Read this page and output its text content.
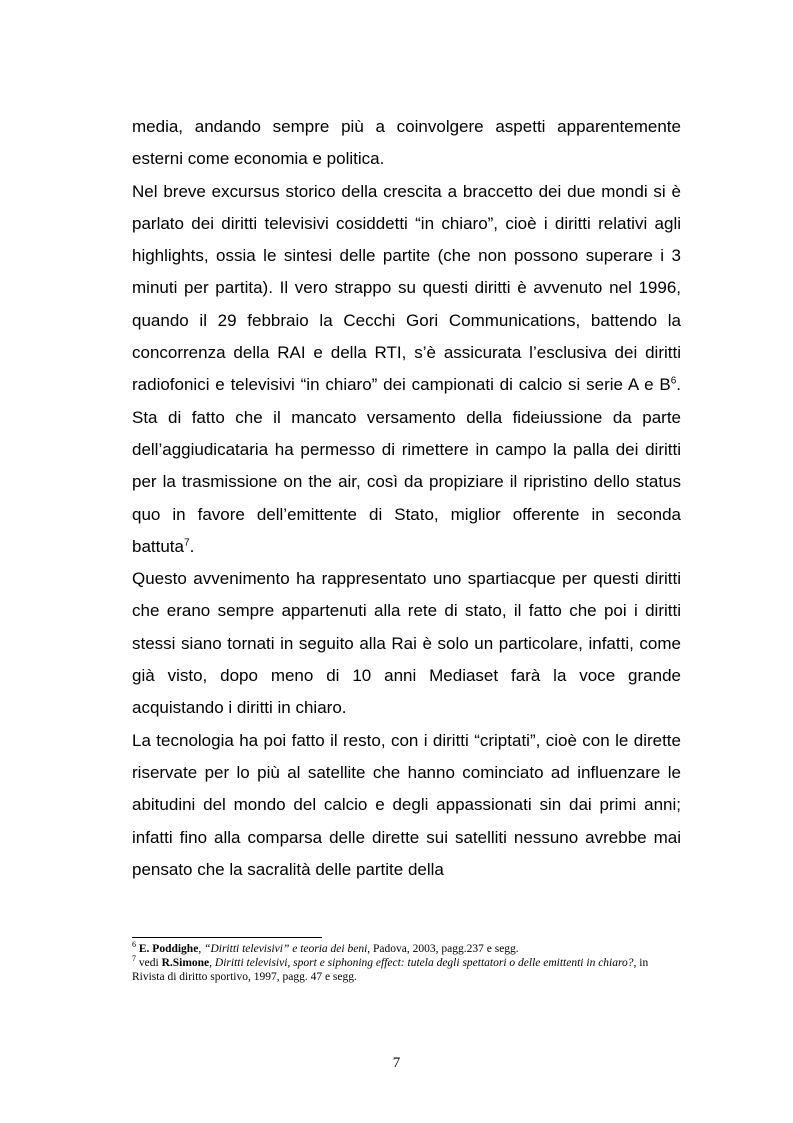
media, andando sempre più a coinvolgere aspetti apparentemente esterni come economia e politica.

Nel breve excursus storico della crescita a braccetto dei due mondi si è parlato dei diritti televisivi cosiddetti “in chiaro”, cioè i diritti relativi agli highlights, ossia le sintesi delle partite (che non possono superare i 3 minuti per partita). Il vero strappo su questi diritti è avvenuto nel 1996, quando il 29 febbraio la Cecchi Gori Communications, battendo la concorrenza della RAI e della RTI, s’è assicurata l’esclusiva dei diritti radiofonici e televisivi “in chiaro” dei campionati di calcio si serie A e $B^6$. Sta di fatto che il mancato versamento della fideiussione da parte dell’aggiudicataria ha permesso di rimettere in campo la palla dei diritti per la trasmissione on the air, così da propiziare il ripristino dello status quo in favore dell’emittente di Stato, miglior offerente in seconda battuta$^7$.

Questo avvenimento ha rappresentato uno spartiacque per questi diritti che erano sempre appartenuti alla rete di stato, il fatto che poi i diritti stessi siano tornati in seguito alla Rai è solo un particolare, infatti, come già visto, dopo meno di 10 anni Mediaset farà la voce grande acquistando i diritti in chiaro.

La tecnologia ha poi fatto il resto, con i diritti “criptati”, cioè con le dirette riservate per lo più al satellite che hanno cominciato ad influenzare le abitudini del mondo del calcio e degli appassionati sin dai primi anni; infatti fino alla comparsa delle dirette sui satelliti nessuno avrebbe mai pensato che la sacralità delle partite della

$^6$ E. Poddighe, “Diritti televisivi” e teoria dei beni, Padova, 2003, pagg.237 e segg.

$^7$ vedi R.Simone, Diritti televisivi, sport e siphoning effect: tutela degli spettatori o delle emittenti in chiaro?, in Rivista di diritto sportivo, 1997, pagg. 47 e segg.

7
